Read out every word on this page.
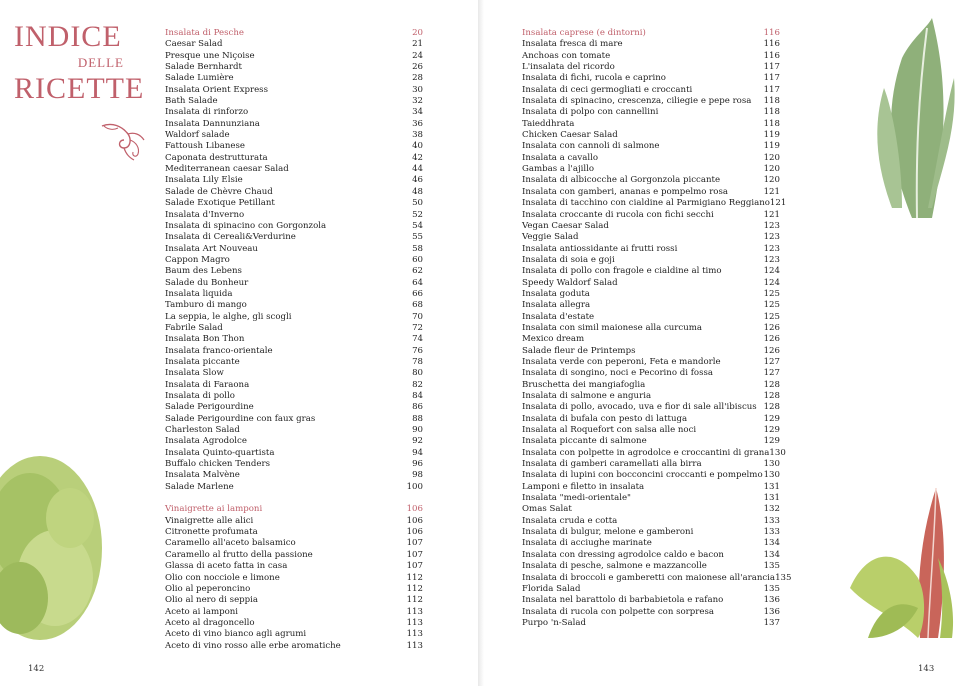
INDICE
DELLE
RICETTE
Insalata di Pesche	20
Caesar Salad	21
Presque une Niçoise	24
Salade Bernhardt	26
Salade Lumière	28
Insalata Orient Express	30
Bath Salade	32
Insalata di rinforzo	34
Insalata Dannunziana	36
Waldorf salade	38
Fattoush Libanese	40
Caponata destrutturata	42
Mediterranean caesar Salad	44
Insalata Lily Elsie	46
Salade de Chèvre Chaud	48
Salade Exotique Petillant	50
Insalata d'Inverno	52
Insalata di spinacino con Gorgonzola	54
Insalata di Cereali&Verdurine	55
Insalata Art Nouveau	58
Cappon Magro	60
Baum des Lebens	62
Salade du Bonheur	64
Insalata liquida	66
Tamburo di mango	68
La seppia, le alghe, gli scogli	70
Fabrile Salad	72
Insalata Bon Thon	74
Insalata franco-orientale	76
Insalata piccante	78
Insalata Slow	80
Insalata di Faraona	82
Insalata di pollo	84
Salade Perigourdine	86
Salade Perigourdine con faux gras	88
Charleston Salad	90
Insalata Agrodolce	92
Insalata Quinto-quartista	94
Buffalo chicken Tenders	96
Insalata Malvène	98
Salade Marlene	100
Vinaigrette ai lamponi	106
Vinaigrette alle alici	106
Citronette profumata	106
Caramello all'aceto balsamico	107
Caramello al frutto della passione	107
Glassa di aceto fatta in casa	107
Olio con nocciole e limone	112
Olio al peperoncino	112
Olio al nero di seppia	112
Aceto ai lamponi	113
Aceto al dragoncello	113
Aceto di vino bianco agli agrumi	113
Aceto di vino rosso alle erbe aromatiche	113
Insalata caprese (e dintorni)	116
Insalata fresca di mare	116
Anchoas con tomate	116
L'insalata del ricordo	117
Insalata di fichi, rucola e caprino	117
Insalata di ceci germogliati e croccanti	117
Insalata di spinacino, crescenza, ciliegie e pepe rosa 118
Insalata di polpo con cannellini	118
Taieddhrata	118
Chicken Caesar Salad	119
Insalata con cannoli di salmone	119
Insalata a cavallo	120
Gambas a l'ajillo	120
Insalata di albicocche al Gorgonzola piccante	120
Insalata con gamberi, ananas e pompelmo rosa	121
Insalata di tacchino con cialdine al Parmigiano Reggiano 121
Insalata croccante di rucola con fichi secchi	121
Vegan Caesar Salad	123
Veggie Salad	123
Insalata antiossidante ai frutti rossi	123
Insalata di soia e goji	123
Insalata di pollo con fragole e cialdine al timo	124
Speedy Waldorf Salad	124
Insalata goduta	125
Insalata allegra	125
Insalata d'estate	125
Insalata con simil maionese alla curcuma	126
Mexico dream	126
Salade fleur de Printemps	126
Insalata verde con peperoni, Feta e mandorle	127
Insalata di songino, noci e Pecorino di fossa	127
Bruschetta dei mangiafoglia	128
Insalata di salmone e anguria	128
Insalata di pollo, avocado, uva e fior di sale all'ibiscus 128
Insalata di bufala con pesto di lattuga	129
Insalata al Roquefort con salsa alle noci	129
Insalata piccante di salmone	129
Insalata con polpette in agrodolce e croccantini di grana 130
Insalata di gamberi caramellati alla birra	130
Insalata di lupini con bocconcini croccanti e pompelmo 130
Lamponi e filetto in insalata	131
Insalata "medi-orientale"	131
Omas Salat	132
Insalata cruda e cotta	133
Insalata di bulgur, melone e gamberoni	133
Insalata di acciughe marinate	134
Insalata con dressing agrodolce caldo e bacon	134
Insalata di pesche, salmone e mazzancolle	135
Insalata di broccoli e gamberetti con maionese all'arancia 135
Florida Salad	135
Insalata nel barattolo di barbabietola e rafano	136
Insalata di rucola con polpette con sorpresa	136
Purpo 'n-Salad	137
142	143
